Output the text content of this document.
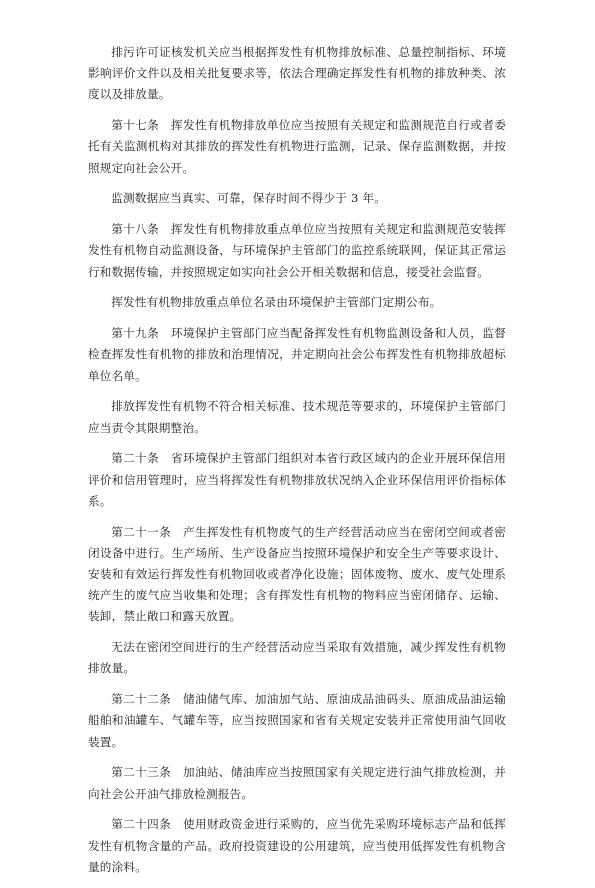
排污许可证核发机关应当根据挥发性有机物排放标准、总量控制指标、环境影响评价文件以及相关批复要求等，依法合理确定挥发性有机物的排放种类、浓度以及排放量。

第十七条　挥发性有机物排放单位应当按照有关规定和监测规范自行或者委托有关监测机构对其排放的挥发性有机物进行监测，记录、保存监测数据，并按照规定向社会公开。

监测数据应当真实、可靠，保存时间不得少于 3 年。

第十八条　挥发性有机物排放重点单位应当按照有关规定和监测规范安装挥发性有机物自动监测设备，与环境保护主管部门的监控系统联网，保证其正常运行和数据传输，并按照规定如实向社会公开相关数据和信息，接受社会监督。

挥发性有机物排放重点单位名录由环境保护主管部门定期公布。

第十九条　环境保护主管部门应当配备挥发性有机物监测设备和人员，监督检查挥发性有机物的排放和治理情况，并定期向社会公布挥发性有机物排放超标单位名单。

排放挥发性有机物不符合相关标准、技术规范等要求的，环境保护主管部门应当责令其限期整治。

第二十条　省环境保护主管部门组织对本省行政区域内的企业开展环保信用评价和信用管理时，应当将挥发性有机物排放状况纳入企业环保信用评价指标体系。

第二十一条　产生挥发性有机物废气的生产经营活动应当在密闭空间或者密闭设备中进行。生产场所、生产设备应当按照环境保护和安全生产等要求设计、安装和有效运行挥发性有机物回收或者净化设施；固体废物、废水、废气处理系统产生的废气应当收集和处理；含有挥发性有机物的物料应当密闭储存、运输、装卸，禁止敞口和露天放置。

无法在密闭空间进行的生产经营活动应当采取有效措施，减少挥发性有机物排放量。

第二十二条　储油储气库、加油加气站、原油成品油码头、原油成品油运输船舶和油罐车、气罐车等，应当按照国家和省有关规定安装并正常使用油气回收装置。

第二十三条　加油站、储油库应当按照国家有关规定进行油气排放检测，并向社会公开油气排放检测报告。

第二十四条　使用财政资金进行采购的，应当优先采购环境标志产品和低挥发性有机物含量的产品。政府投资建设的公用建筑，应当使用低挥发性有机物含量的涂料。
